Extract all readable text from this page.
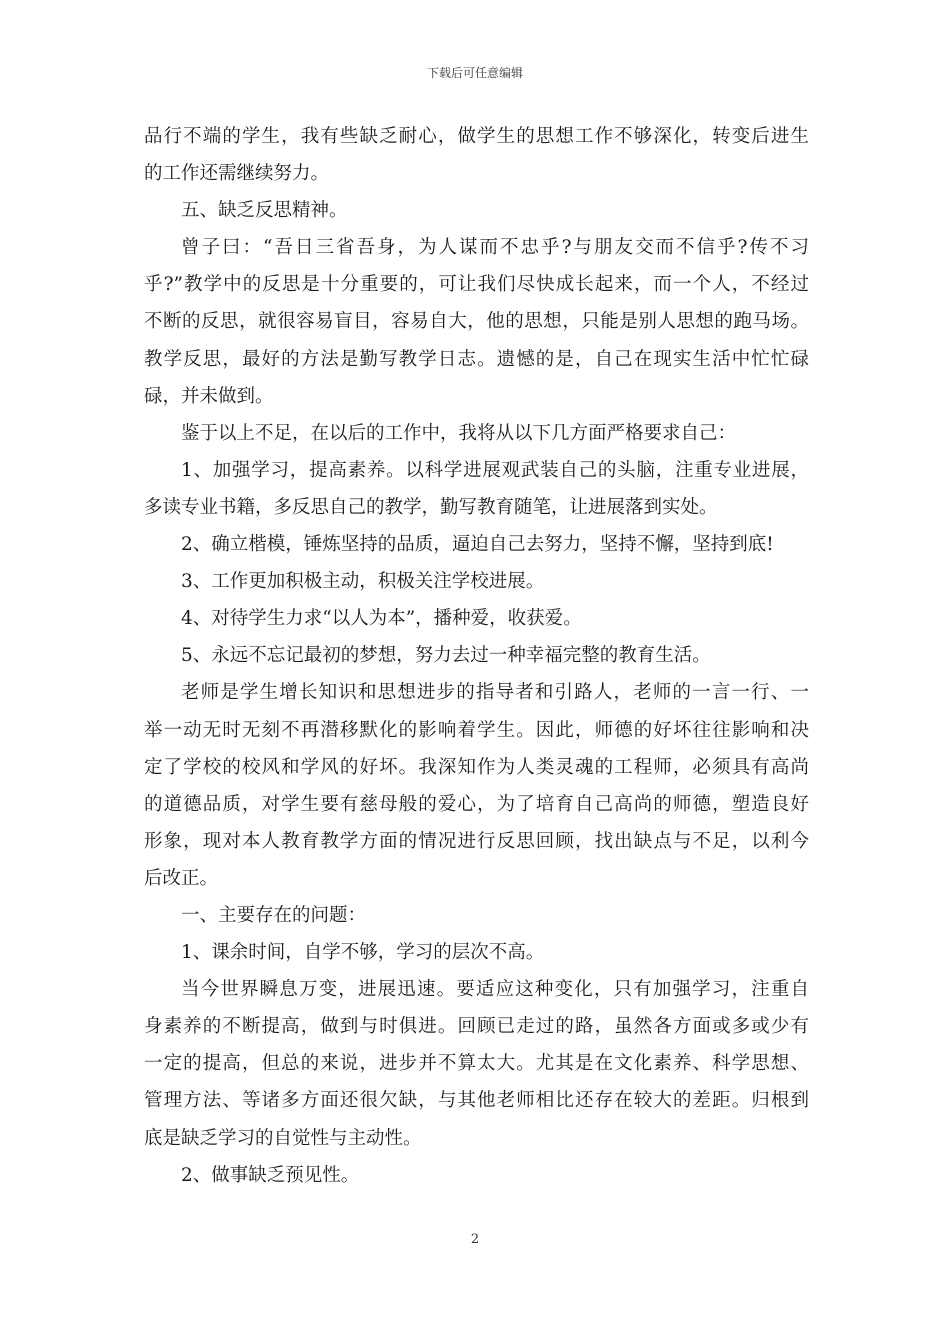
下载后可任意编辑
品行不端的学生，我有些缺乏耐心，做学生的思想工作不够深化，转变后进生
的工作还需继续努力。
五、缺乏反思精神。
曾子曰：“吾日三省吾身，为人谋而不忠乎?与朋友交而不信乎?传不习
乎?”教学中的反思是十分重要的，可让我们尽快成长起来，而一个人，不经过
不断的反思，就很容易盲目，容易自大，他的思想，只能是别人思想的跑马场。
教学反思，最好的方法是勤写教学日志。遗憾的是，自己在现实生活中忙忙碌
碌，并未做到。
鉴于以上不足，在以后的工作中，我将从以下几方面严格要求自己：
1、加强学习，提高素养。以科学进展观武装自己的头脑，注重专业进展，
多读专业书籍，多反思自己的教学，勤写教育随笔，让进展落到实处。
2、确立楷模，锤炼坚持的品质，逼迫自己去努力，坚持不懈，坚持到底!
3、工作更加积极主动，积极关注学校进展。
4、对待学生力求“以人为本”，播种爱，收获爱。
5、永远不忘记最初的梦想，努力去过一种幸福完整的教育生活。
老师是学生增长知识和思想进步的指导者和引路人，老师的一言一行、一
举一动无时无刻不再潜移默化的影响着学生。因此，师德的好坏往往影响和决
定了学校的校风和学风的好坏。我深知作为人类灵魂的工程师，必须具有高尚
的道德品质，对学生要有慈母般的爱心，为了培育自己高尚的师德，塑造良好
形象，现对本人教育教学方面的情况进行反思回顾，找出缺点与不足，以利今
后改正。
一、主要存在的问题：
1、课余时间，自学不够，学习的层次不高。
当今世界瞬息万变，进展迅速。要适应这种变化，只有加强学习，注重自
身素养的不断提高，做到与时俱进。回顾已走过的路，虽然各方面或多或少有
一定的提高，但总的来说，进步并不算太大。尤其是在文化素养、科学思想、
管理方法、等诸多方面还很欠缺，与其他老师相比还存在较大的差距。归根到
底是缺乏学习的自觉性与主动性。
2、做事缺乏预见性。
2
